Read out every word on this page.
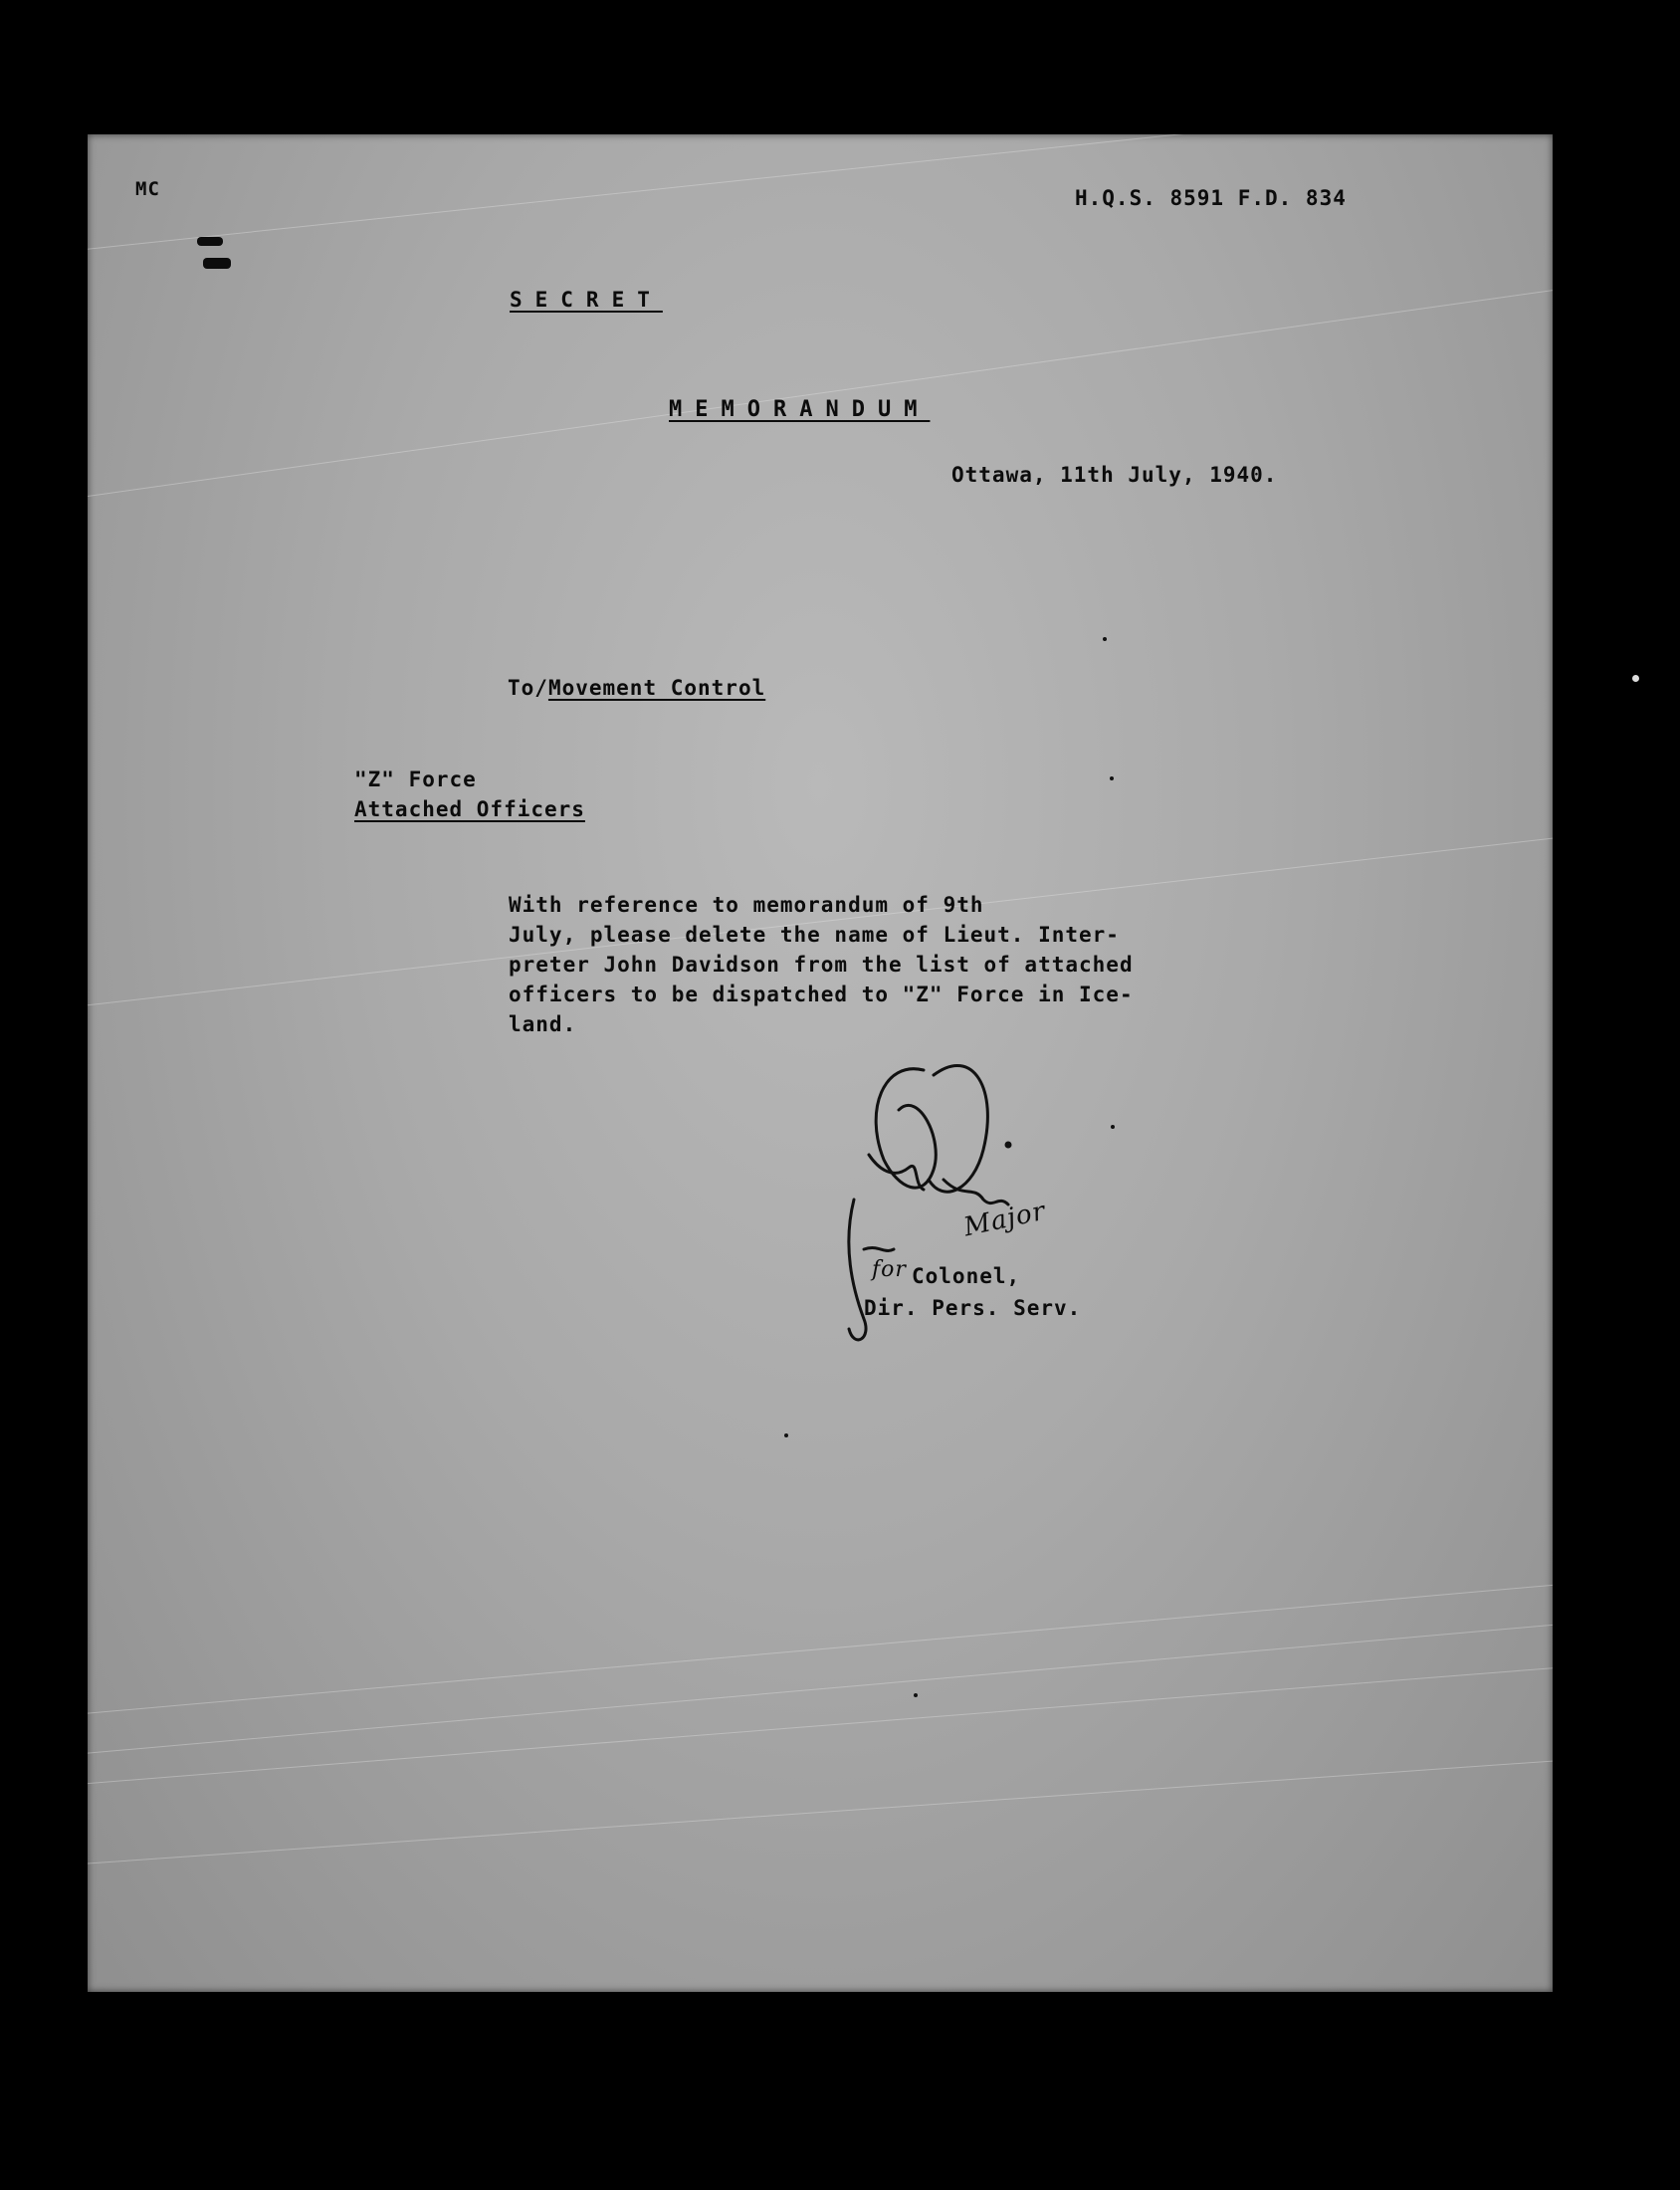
MC	H.Q.S. 8591 F.D. 834
SECRET
MEMORANDUM
Ottawa, 11th July, 1940.
To/Movement Control
"Z" Force
Attached Officers
With reference to memorandum of 9th
July, please delete the name of Lieut. Inter-
preter John Davidson from the list of attached
officers to be dispatched to "Z" Force in Ice-
land.
Major
for Colonel,
Dir. Pers. Serv.
